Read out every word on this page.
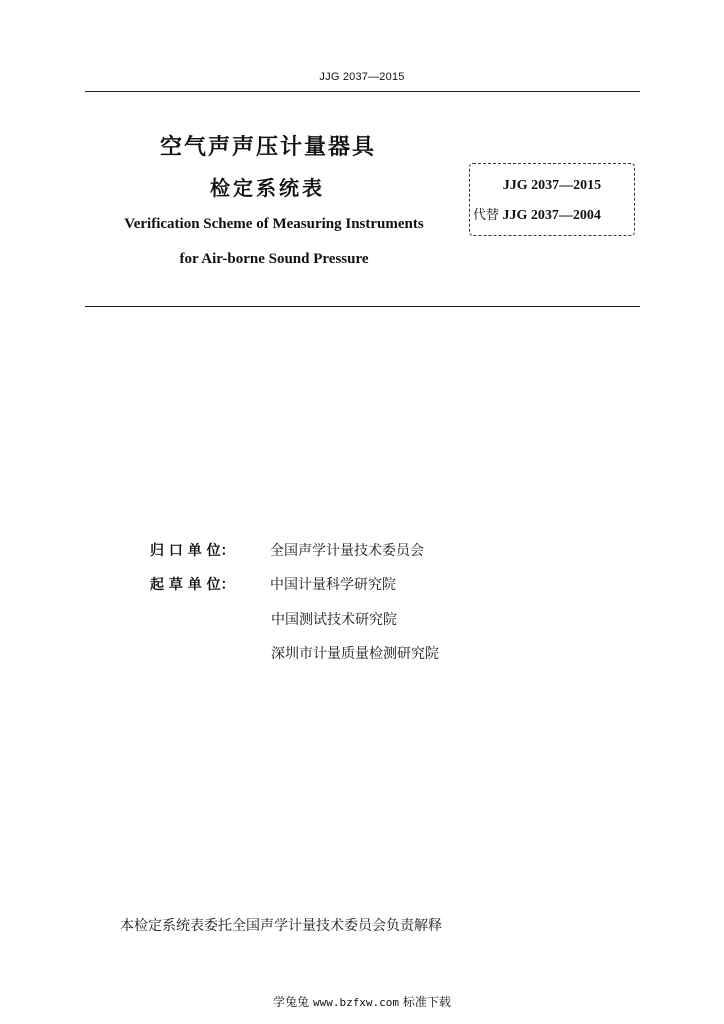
JJG 2037—2015
空气声声压计量器具
检定系统表
Verification Scheme of Measuring Instruments
for Air-borne Sound Pressure
JJG 2037—2015
代替 JJG 2037—2004
归 口 单 位：	全国声学计量技术委员会
起 草 单 位：	中国计量科学研究院
中国测试技术研究院
深圳市计量质量检测研究院
本检定系统表委托全国声学计量技术委员会负责解释
学兔兔 www.bzfxw.com 标准下载
